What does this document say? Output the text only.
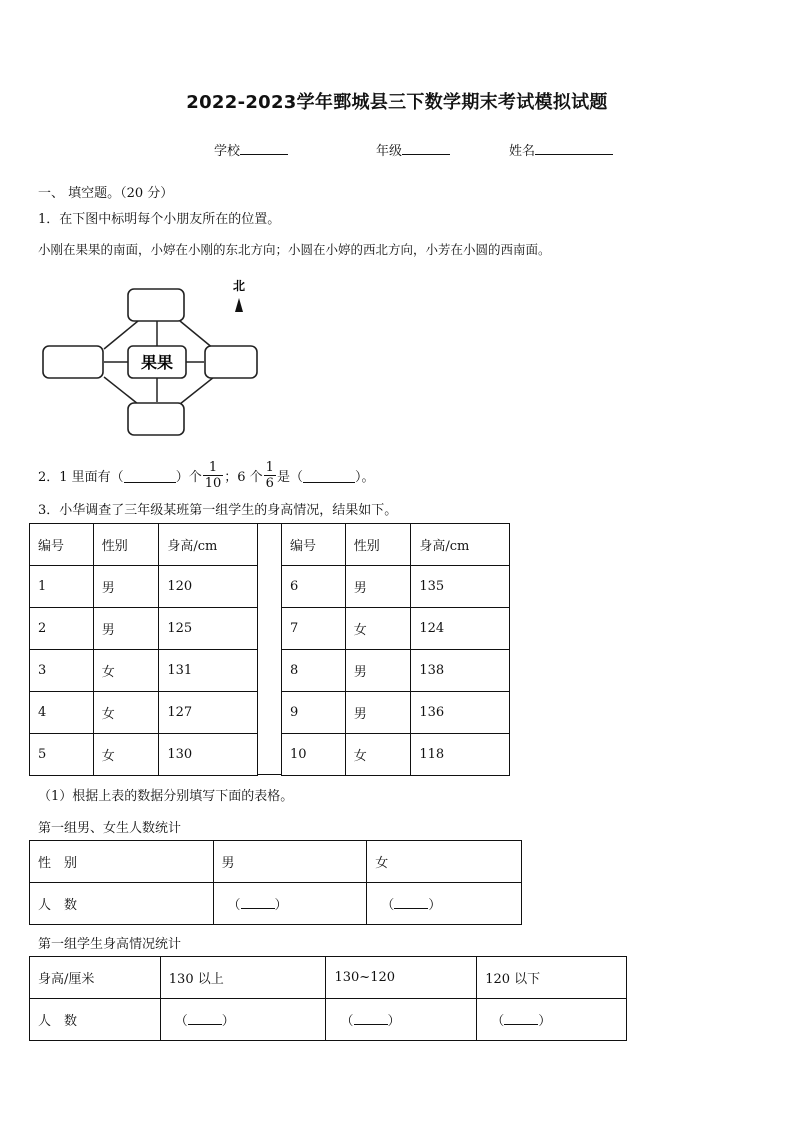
2022-2023学年鄄城县三下数学期末考试模拟试题
学校	年级	姓名
一、 填空题。（20 分）
1．在下图中标明每个小朋友所在的位置。
小刚在果果的南面，小婷在小刚的东北方向；小圆在小婷的西北方向，小芳在小圆的西南面。
果果
北
2．1 里面有（	）个 $\frac{1}{10}$ ；6 个 $\frac{1}{6}$ 是（	）。
3．小华调查了三年级某班第一组学生的身高情况，结果如下。
编号	性别	身高/cm
1	男	120
2	男	125
3	女	131
4	女	127
5	女	130
编号	性别	身高/cm
6	男	135
7	女	124
8	男	138
9	男	136
10	女	118
（1）根据上表的数据分别填写下面的表格。
第一组男、女生人数统计
性　别	男	女
人　数	（ ）	（ ）
第一组学生身高情况统计
身高/厘米	130 以上	130~120	120 以下
人　数	（ ）	（ ）	（ ）
